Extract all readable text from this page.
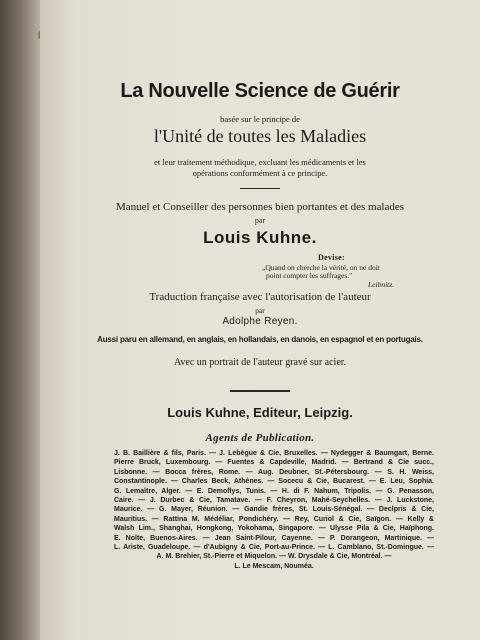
La Nouvelle Science de Guérir
basée sur le principe de
l'Unité de toutes les Maladies
et leur traitement méthodique, excluant les médicaments et les
opérations conformément à ce principe.
Manuel et Conseiller des personnes bien portantes et des malades
par
Louis Kuhne.
Devise:
„Quand on cherche la vérité, on ne doit
point compter les suffrages."
Leibnitz.
Traduction française avec l'autorisation de l'auteur
par
Adolphe Reyen.
Aussi paru en allemand, en anglais, en hollandais, en danois, en espagnol et en portugais.
Avec un portrait de l'auteur gravé sur acier.
Louis Kuhne, Editeur, Leipzig.
Agents de Publication.
J. B. Baillière & fils, Paris. — J. Lebègue & Cie, Bruxelles. — Nydegger & Baumgart, Berne.
Pierre Bruck, Luxembourg. — Fuentes & Capdeville, Madrid. — Bertrand & Cie succ.,
Lisbonne. — Bocca frères, Rome. — Aug. Deubner, St.-Pétersbourg. — S. H. Weiss,
Constantinople. — Charles Beck, Athènes. — Socecu & Cie, Bucarest. — E. Leu, Sophia.
G. Lemaître, Alger. — E. Demoflys, Tunis. — H. di F. Nahum, Tripolis. — G. Penasson,
Caire. — J. Durbec & Cie, Tamatave. — F. Cheyron, Mahé-Seychelles. — J. Luckstone,
Maurice. — G. Mayer, Réunion. — Gandie frères, St. Louis-Sénégal. — Declpris & Cie,
Mauritius. — Rattina M. Médéliar, Pondichéry. — Rey, Curiol & Cie, Saïgon. — Kelly &
Walsh Lim., Shanghai, Hongkong, Yokohama, Singapore. — Ulysse Pila & Cie, Haïphong.
E. Nolte, Buenos-Aires. — Jean Saint-Pilour, Cayenne. — P. Dorangeon, Martinique. —
L. Ariste, Guadeloupe. — d'Aubigny & Cie, Port-au-Prince. — L. Camblano, St.-Domingue. —
A. M. Brehier, St.-Pierre et Miquelon. — W. Drysdale & Cie, Montréal. —
L. Le Mescam, Nouméa.
